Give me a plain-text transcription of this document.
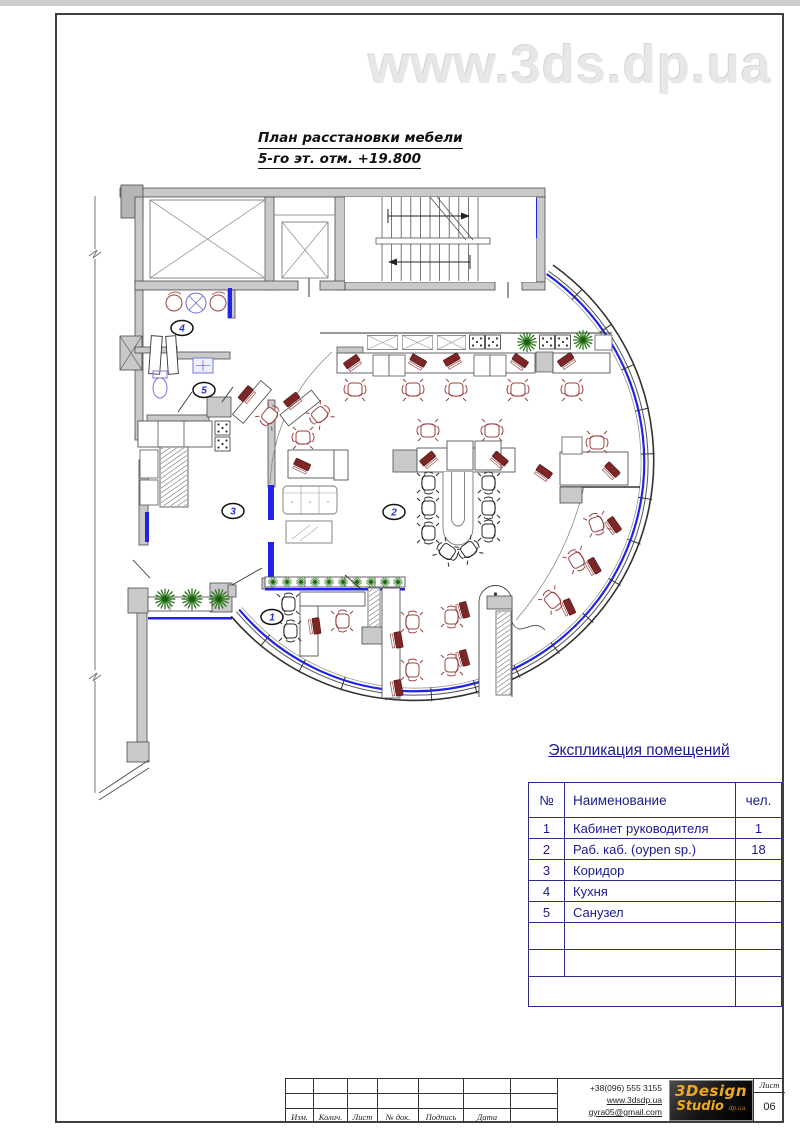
www.3ds.dp.ua
План расстановки мебели
5-го эт. отм. +19.800
1
2
3
4
5
Экспликация помещений
№	Наименование	чел.
1	Кабинет руководителя	1
2	Раб. каб. (oypen sp.)	18
3	Коридор	
4	Кухня	
5	Санузел	

Изм.	Колич.	Лист	№ док.	Подпись	Дата
+38(096) 555 3155
www.3dsdp.ua
gyra05@gmail.com
3Design
Studio dp.ua
Лист
06
